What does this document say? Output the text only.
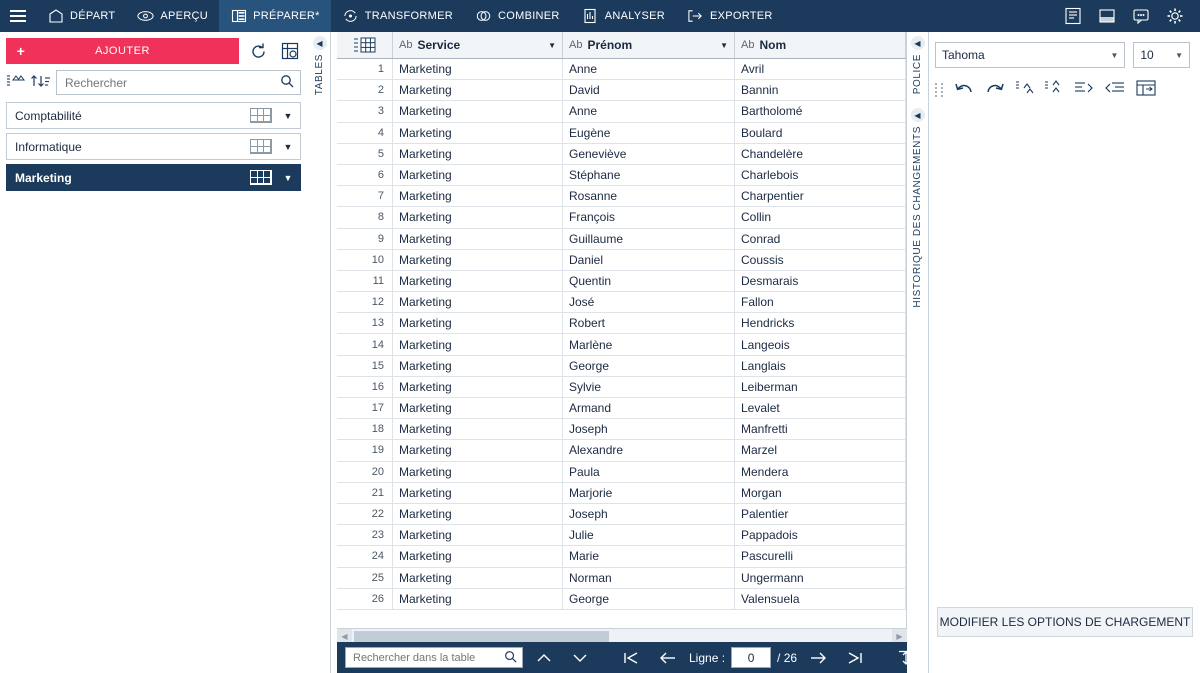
DÉPART	APERÇU	PRÉPARER*	TRANSFORMER	COMBINER	ANALYSER	EXPORTER
+	AJOUTER
Rechercher
Comptabilité	▼
Informatique	▼
Marketing	▼
◀
TABLES
Ab Service	▼ Ab Prénom	▼ Ab Nom
1	Marketing	Anne	Avril
2	Marketing	David	Bannin
3	Marketing	Anne	Bartholomé
4	Marketing	Eugène	Boulard
5	Marketing	Geneviève	Chandelère
6	Marketing	Stéphane	Charlebois
7	Marketing	Rosanne	Charpentier
8	Marketing	François	Collin
9	Marketing	Guillaume	Conrad
10	Marketing	Daniel	Coussis
11	Marketing	Quentin	Desmarais
12	Marketing	José	Fallon
13	Marketing	Robert	Hendricks
14	Marketing	Marlène	Langeois
15	Marketing	George	Langlais
16	Marketing	Sylvie	Leiberman
17	Marketing	Armand	Levalet
18	Marketing	Joseph	Manfretti
19	Marketing	Alexandre	Marzel
20	Marketing	Paula	Mendera
21	Marketing	Marjorie	Morgan
22	Marketing	Joseph	Palentier
23	Marketing	Julie	Pappadois
24	Marketing	Marie	Pascurelli
25	Marketing	Norman	Ungermann
26	Marketing	George	Valensuela
◀	▶
Rechercher dans la table
Ligne :	0	/ 26
◀
POLICE
◀
HISTORIQUE DES CHANGEMENTS
Tahoma	▼ 10	▼
MODIFIER LES OPTIONS DE CHARGEMENT
